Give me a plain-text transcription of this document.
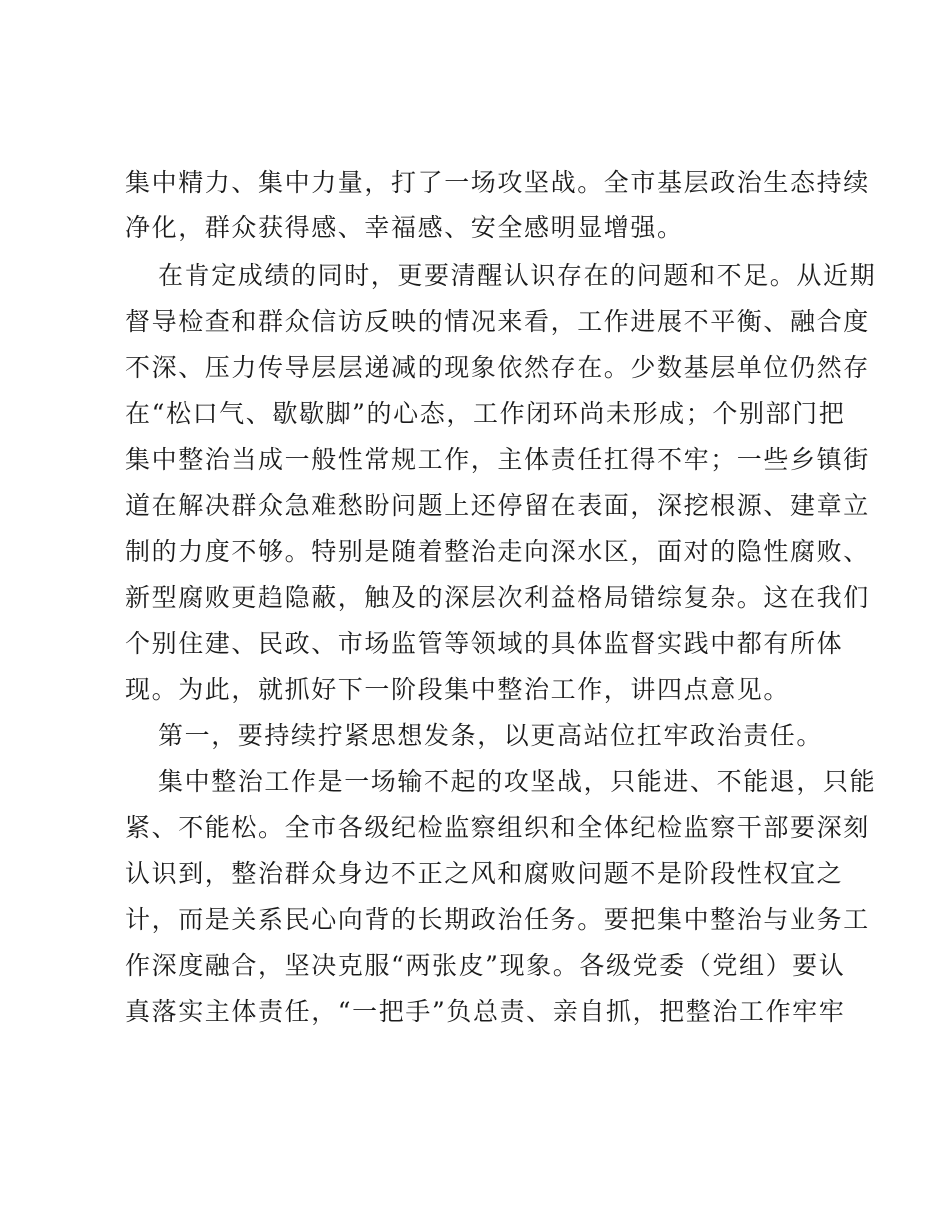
集中精力、集中力量，打了一场攻坚战。全市基层政治生态持续

净化，群众获得感、幸福感、安全感明显增强。

在肯定成绩的同时，更要清醒认识存在的问题和不足。从近期

督导检查和群众信访反映的情况来看，工作进展不平衡、融合度

不深、压力传导层层递减的现象依然存在。少数基层单位仍然存

在“松口气、歇歇脚”的心态，工作闭环尚未形成；个别部门把

集中整治当成一般性常规工作，主体责任扛得不牢；一些乡镇街

道在解决群众急难愁盼问题上还停留在表面，深挖根源、建章立

制的力度不够。特别是随着整治走向深水区，面对的隐性腐败、

新型腐败更趋隐蔽，触及的深层次利益格局错综复杂。这在我们

个别住建、民政、市场监管等领域的具体监督实践中都有所体

现。为此，就抓好下一阶段集中整治工作，讲四点意见。

第一，要持续拧紧思想发条，以更高站位扛牢政治责任。

集中整治工作是一场输不起的攻坚战，只能进、不能退，只能

紧、不能松。全市各级纪检监察组织和全体纪检监察干部要深刻

认识到，整治群众身边不正之风和腐败问题不是阶段性权宜之

计，而是关系民心向背的长期政治任务。要把集中整治与业务工

作深度融合，坚决克服“两张皮”现象。各级党委（党组）要认

真落实主体责任，“一把手”负总责、亲自抓，把整治工作牢牢
